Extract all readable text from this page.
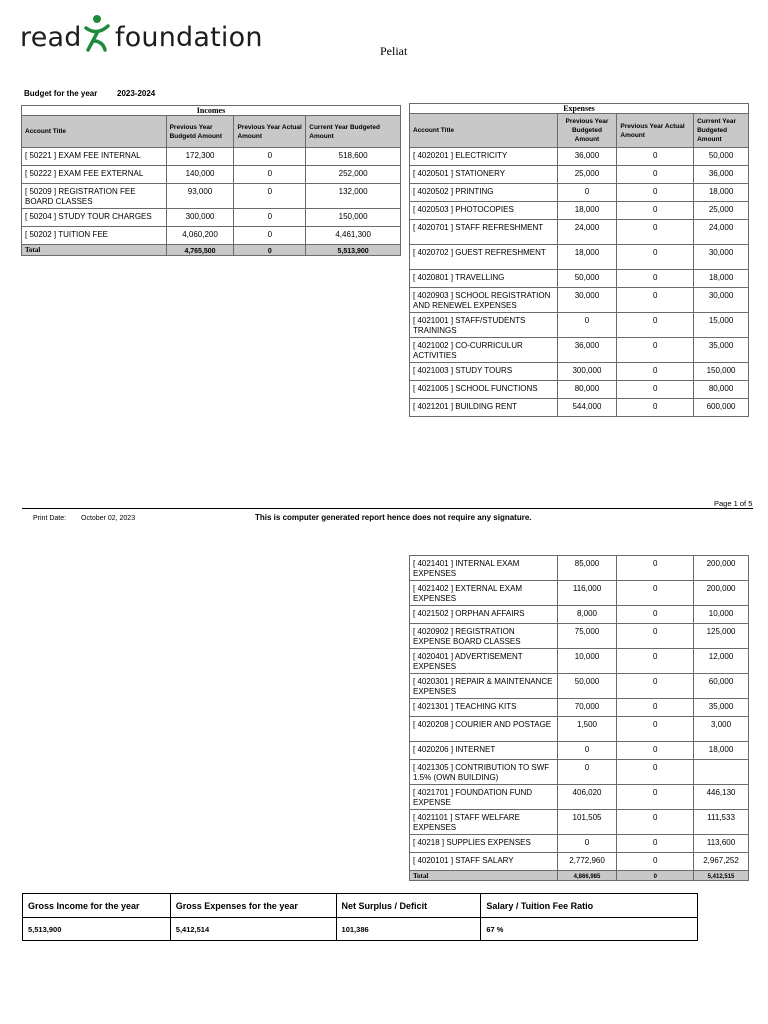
read foundation	Peliat
Budget for the year 2023-2024
Incomes			
Account Title	Previous Year Budgetd Amount	Previous Year Actual Amount	Current Year Budgeted Amount
[ 50221 ] EXAM FEE INTERNAL	172,300	0	518,600
[ 50222 ] EXAM FEE EXTERNAL	140,000	0	252,000
[ 50209 ] REGISTRATION FEE BOARD CLASSES	93,000	0	132,000
[ 50204 ] STUDY TOUR CHARGES	300,000	0	150,000
[ 50202 ] TUITION FEE	4,060,200	0	4,461,300
Total	4,765,500	0	5,513,900
Expenses			
Account Title	Previous Year Budgeted Amount	Previous Year Actual Amount	Current Year Budgeted Amount
[ 4020201 ] ELECTRICITY	36,000	0	50,000
[ 4020501 ] STATIONERY	25,000	0	36,000
[ 4020502 ] PRINTING	0	0	18,000
[ 4020503 ] PHOTOCOPIES	18,000	0	25,000
[ 4020701 ] STAFF REFRESHMENT	24,000	0	24,000
[ 4020702 ] GUEST REFRESHMENT	18,000	0	30,000
[ 4020801 ] TRAVELLING	50,000	0	18,000
[ 4020903 ] SCHOOL REGISTRATION AND RENEWEL EXPENSES	30,000	0	30,000
[ 4021001 ] STAFF/STUDENTS TRAININGS	0	0	15,000
[ 4021002 ] CO-CURRICULUR ACTIVITIES	36,000	0	35,000
[ 4021003 ] STUDY TOURS	300,000	0	150,000
[ 4021005 ] SCHOOL FUNCTIONS	80,000	0	80,000
[ 4021201 ] BUILDING RENT	544,000	0	600,000
Page 1 of 5
Print Date: October 02, 2023	This is computer generated report hence does not require any signature.
[ 4021401 ] INTERNAL EXAM EXPENSES	85,000	0	200,000
[ 4021402 ] EXTERNAL EXAM EXPENSES	116,000	0	200,000
[ 4021502 ] ORPHAN AFFAIRS	8,000	0	10,000
[ 4020902 ] REGISTRATION EXPENSE BOARD CLASSES	75,000	0	125,000
[ 4020401 ] ADVERTISEMENT EXPENSES	10,000	0	12,000
[ 4020301 ] REPAIR & MAINTENANCE EXPENSES	50,000	0	60,000
[ 4021301 ] TEACHING KITS	70,000	0	35,000
[ 4020208 ] COURIER AND POSTAGE	1,500	0	3,000
[ 4020206 ] INTERNET	0	0	18,000
[ 4021305 ] CONTRIBUTION TO SWF 1.5% (OWN BUILDING)	0	0	
[ 4021701 ] FOUNDATION FUND EXPENSE	406,020	0	446,130
[ 4021101 ] STAFF WELFARE EXPENSES	101,505	0	111,533
[ 40218 ] SUPPLIES EXPENSES	0	0	113,600
[ 4020101 ] STAFF SALARY	2,772,960	0	2,967,252
Total	4,866,985	0	5,412,515
Gross Income for the year	Gross Expenses for the year	Net Surplus / Deficit	Salary / Tuition Fee Ratio
5,513,900	5,412,514	101,386	67 %
